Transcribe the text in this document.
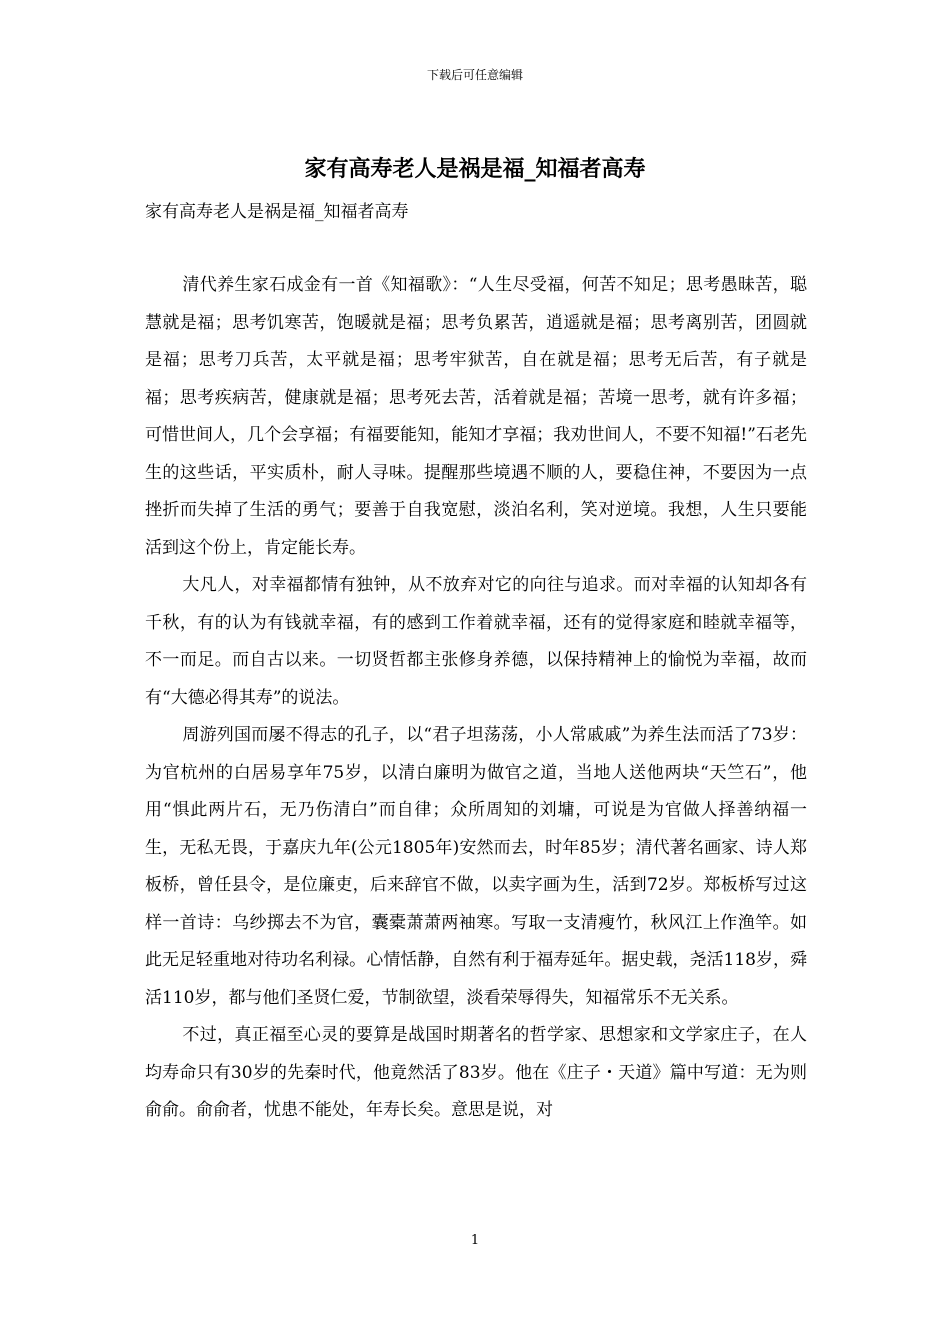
下载后可任意编辑
家有高寿老人是祸是福_知福者高寿

家有高寿老人是祸是福_知福者高寿

清代养生家石成金有一首《知福歌》：“人生尽受福，何苦不知足；思考愚昧苦，聪慧就是福；思考饥寒苦，饱暖就是福；思考负累苦，逍遥就是福；思考离别苦，团圆就是福；思考刀兵苦，太平就是福；思考牢狱苦，自在就是福；思考无后苦，有子就是福；思考疾病苦，健康就是福；思考死去苦，活着就是福；苦境一思考，就有许多福；可惜世间人，几个会享福；有福要能知，能知才享福；我劝世间人，不要不知福!”石老先生的这些话，平实质朴，耐人寻味。提醒那些境遇不顺的人，要稳住神，不要因为一点挫折而失掉了生活的勇气；要善于自我宽慰，淡泊名利，笑对逆境。我想，人生只要能活到这个份上，肯定能长寿。

大凡人，对幸福都情有独钟，从不放弃对它的向往与追求。而对幸福的认知却各有千秋，有的认为有钱就幸福，有的感到工作着就幸福，还有的觉得家庭和睦就幸福等，不一而足。而自古以来。一切贤哲都主张修身养德，以保持精神上的愉悦为幸福，故而有“大德必得其寿”的说法。

周游列国而屡不得志的孔子，以“君子坦荡荡，小人常戚戚”为养生法而活了73岁：为官杭州的白居易享年75岁，以清白廉明为做官之道，当地人送他两块“天竺石”，他用“惧此两片石，无乃伤清白”而自律；众所周知的刘墉，可说是为官做人择善纳福一生，无私无畏，于嘉庆九年(公元1805年)安然而去，时年85岁；清代著名画家、诗人郑板桥，曾任县令，是位廉吏，后来辞官不做，以卖字画为生，活到72岁。郑板桥写过这样一首诗：乌纱掷去不为官，囊橐萧萧两袖寒。写取一支清瘦竹，秋风江上作渔竿。如此无足轻重地对待功名利禄。心情恬静，自然有利于福寿延年。据史载，尧活118岁，舜活110岁，都与他们圣贤仁爱，节制欲望，淡看荣辱得失，知福常乐不无关系。

不过，真正福至心灵的要算是战国时期著名的哲学家、思想家和文学家庄子，在人均寿命只有30岁的先秦时代，他竟然活了83岁。他在《庄子・天道》篇中写道：无为则俞俞。俞俞者，忧患不能处，年寿长矣。意思是说，对

1
